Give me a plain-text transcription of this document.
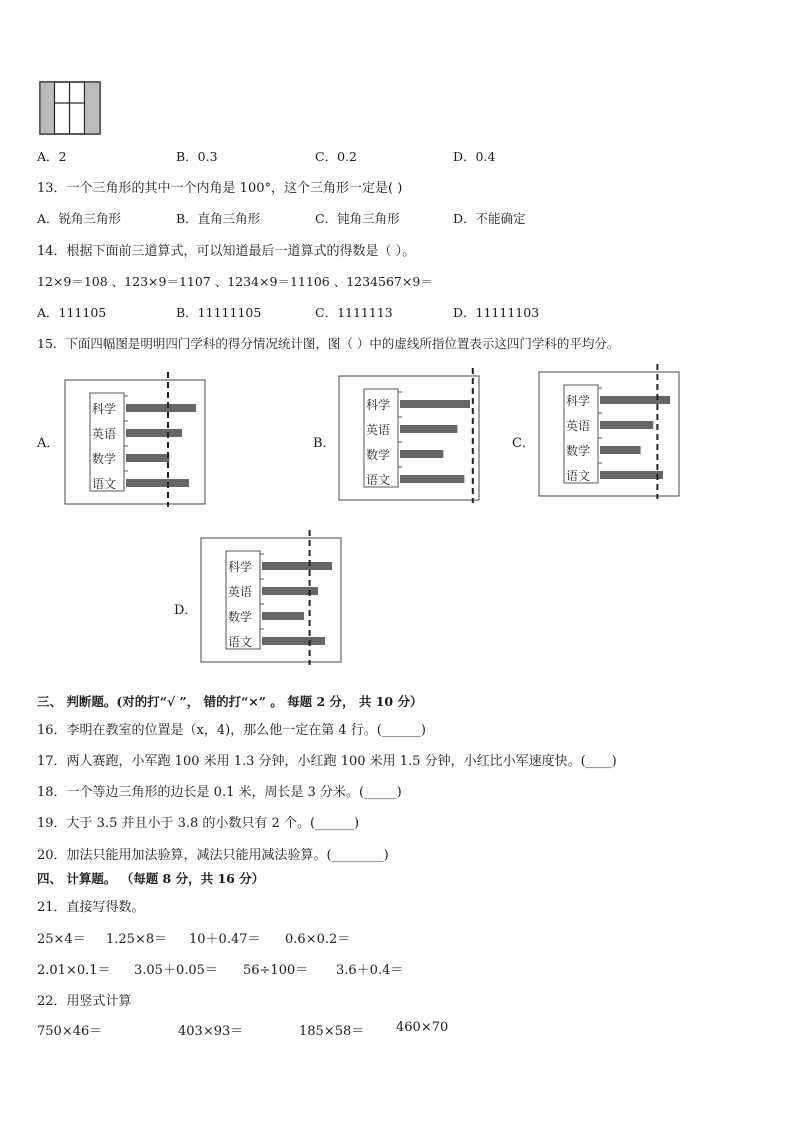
A．2	B．0.3	C．0.2	D．0.4
13．一个三角形的其中一个内角是 100°，这个三角形一定是( )
A．锐角三角形	B．直角三角形	C．钝角三角形	D．不能确定
14．根据下面前三道算式，可以知道最后一道算式的得数是（ ）。
12×9＝108 、123×9＝1107 、1234×9＝11106 、1234567×9＝
A．111105	B．11111105	C．1111113	D．11111103
15．下面四幅图是明明四门学科的得分情况统计图，图（ ）中的虚线所指位置表示这四门学科的平均分。
A．
科学
英语
数学
语文
B．
科学
英语
数学
语文
C．
科学
英语
数学
语文
D．
科学
英语
数学
语文
三、 判断题。(对的打“√ ”， 错的打“×” 。 每题 2 分， 共 10 分）
16．李明在教室的位置是（x，4)，那么他一定在第 4 行。(______)
17．两人赛跑，小军跑 100 米用 1.3 分钟，小红跑 100 米用 1.5 分钟，小红比小军速度快。(____)
18．一个等边三角形的边长是 0.1 米，周长是 3 分米。(_____)
19．大于 3.5 并且小于 3.8 的小数只有 2 个。(______)
20．加法只能用加法验算，减法只能用减法验算。(________)
四、 计算题。 （每题 8 分，共 16 分）
21．直接写得数。
25×4＝ 1.25×8＝ 10＋0.47＝ 0.6×0.2＝
2.01×0.1＝ 3.05＋0.05＝ 56÷100＝ 3.6＋0.4＝
22．用竖式计算
750×46＝	403×93＝	185×58＝ 460×70
